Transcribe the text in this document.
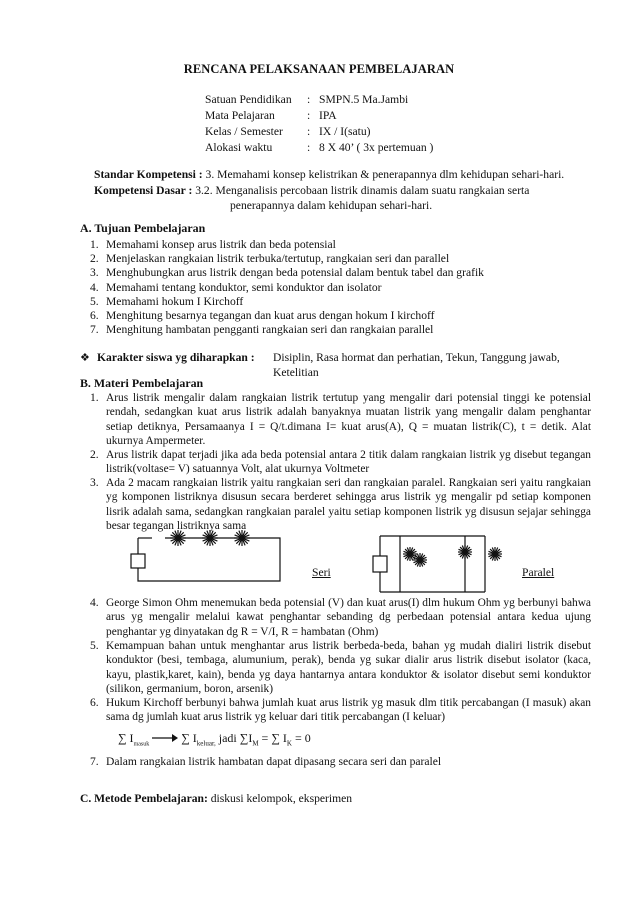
RENCANA PELAKSANAAN PEMBELAJARAN
Satuan Pendidikan : SMPN.5 Ma.Jambi
Mata Pelajaran	: IPA
Kelas / Semester : IX / I(satu)
Alokasi waktu	: 8 X 40’ ( 3x pertemuan )
Standar Kompetensi : 3. Memahami konsep kelistrikan & penerapannya dlm kehidupan sehari-hari.
Kompetensi Dasar : 3.2. Menganalisis percobaan listrik dinamis dalam suatu rangkaian serta
penerapannya dalam kehidupan sehari-hari.
A. Tujuan Pembelajaran
1. Memahami konsep arus listrik dan beda potensial
2. Menjelaskan rangkaian listrik terbuka/tertutup, rangkaian seri dan parallel
3. Menghubungkan arus listrik dengan beda potensial dalam bentuk tabel dan grafik
4. Memahami tentang konduktor, semi konduktor dan isolator
5. Memahami hokum I Kirchoff
6. Menghitung besarnya tegangan dan kuat arus dengan hokum I kirchoff
7. Menghitung hambatan pengganti rangkaian seri dan rangkaian parallel
❖ Karakter siswa yg diharapkan : Disiplin, Rasa hormat dan perhatian, Tekun, Tanggung jawab,
Ketelitian
B. Materi Pembelajaran
1. Arus listrik mengalir dalam rangkaian listrik tertutup yang mengalir dari potensial tinggi ke potensial rendah, sedangkan kuat arus listrik adalah banyaknya muatan listrik yang mengalir dalam penghantar setiap detiknya, Persamaanya I = Q/t.dimana I= kuat arus(A), Q = muatan listrik(C), t = detik. Alat ukurnya Ampermeter.
2. Arus listrik dapat terjadi jika ada beda potensial antara 2 titik dalam rangkaian listrik yg disebut tegangan listrik(voltase= V) satuannya Volt, alat ukurnya Voltmeter
3. Ada 2 macam rangkaian listrik yaitu rangkaian seri dan rangkaian paralel. Rangkaian seri yaitu rangkaian yg komponen listriknya disusun secara berderet sehingga arus listrik yg mengalir pd setiap komponen lisrik adalah sama, sedangkan rangkaian paralel yaitu setiap komponen listrik yg disusun sejajar sehingga besar tegangan listriknya sama
Seri	Paralel
4. George Simon Ohm menemukan beda potensial (V) dan kuat arus(I) dlm hukum Ohm yg berbunyi bahwa arus yg mengalir melalui kawat penghantar sebanding dg perbedaan potensial antara kedua ujung penghantar yg dinyatakan dg R = V/I, R = hambatan (Ohm)
5. Kemampuan bahan untuk menghantar arus listrik berbeda-beda, bahan yg mudah dialiri listrik disebut konduktor (besi, tembaga, alumunium, perak), benda yg sukar dialir arus listrik disebut isolator (kaca, kayu, plastik,karet, kain), benda yg daya hantarnya antara konduktor & isolator disebut semi konduktor (silikon, germanium, boron, arsenik)
6. Hukum Kirchoff berbunyi bahwa jumlah kuat arus listrik yg masuk dlm titik percabangan (I masuk) akan sama dg jumlah kuat arus listrik yg keluar dari titik percabangan (I keluar)
∑ $I_{masuk}$	∑ $I_{keluar,}$ jadi $\sum I_M$ = ∑ $I_K = 0$
7. Dalam rangkaian listrik hambatan dapat dipasang secara seri dan paralel
C. Metode Pembelajaran: diskusi kelompok, eksperimen
